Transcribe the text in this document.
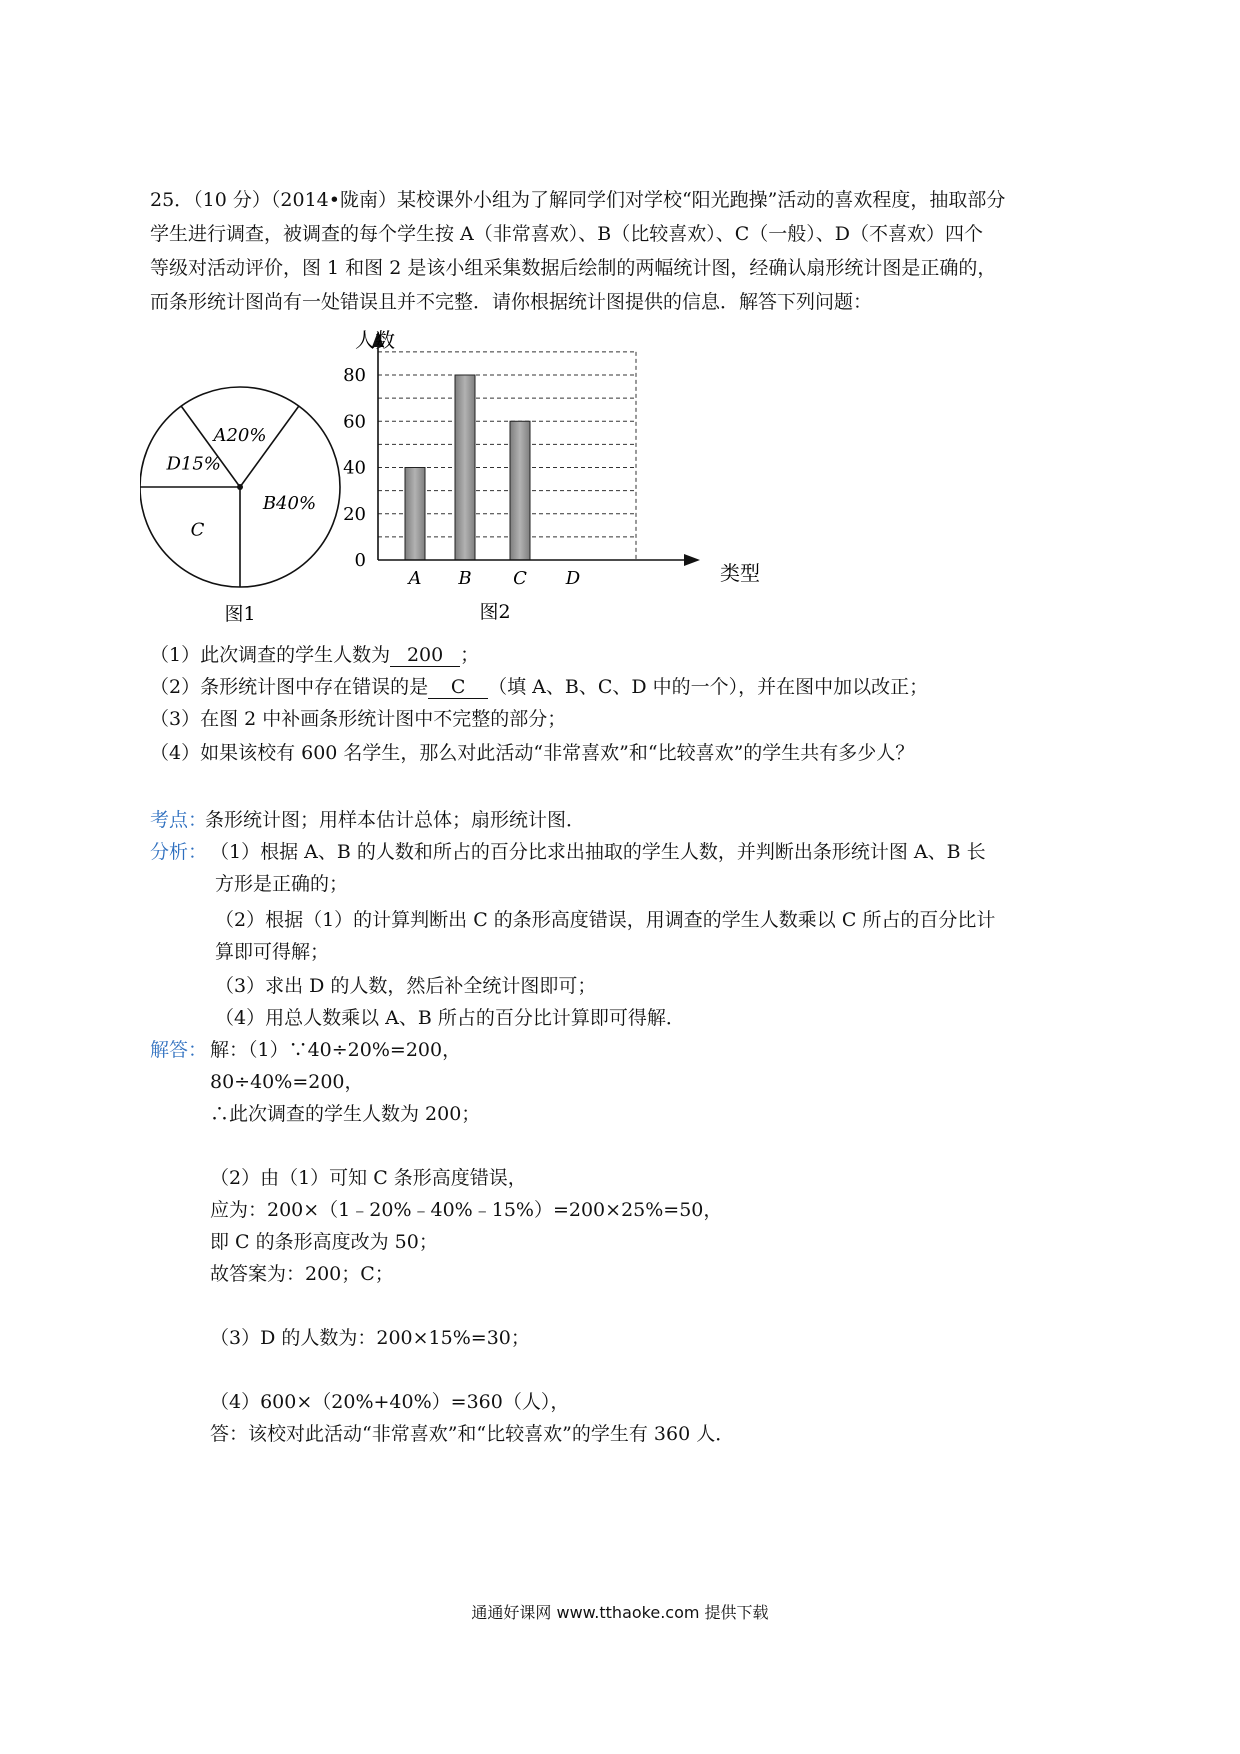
25．（10 分）（2014•陇南）某校课外小组为了解同学们对学校“阳光跑操”活动的喜欢程度，抽取部分
学生进行调查，被调查的每个学生按 A（非常喜欢）、B（比较喜欢）、C（一般）、D（不喜欢）四个
等级对活动评价，图 1 和图 2 是该小组采集数据后绘制的两幅统计图，经确认扇形统计图是正确的，
而条形统计图尚有一处错误且并不完整．请你根据统计图提供的信息．解答下列问题：
B40%
A20%
D15%
C
图1
0
20
40
60
80
A B C D
人数
类型
图2
（1）此次调查的学生人数为 200 ；
（2）条形统计图中存在错误的是 C （填 A、B、C、D 中的一个），并在图中加以改正；
（3）在图 2 中补画条形统计图中不完整的部分；
（4）如果该校有 600 名学生，那么对此活动“非常喜欢”和“比较喜欢”的学生共有多少人？
考点：
条形统计图；用样本估计总体；扇形统计图．
分析： （1）根据 A、B 的人数和所占的百分比求出抽取的学生人数，并判断出条形统计图 A、B 长
方形是正确的；
（2）根据（1）的计算判断出 C 的条形高度错误，用调查的学生人数乘以 C 所占的百分比计
算即可得解；
（3）求出 D 的人数，然后补全统计图即可；
（4）用总人数乘以 A、B 所占的百分比计算即可得解．
解答： 解：（1）∵40÷20%=200，
80÷40%=200，
∴此次调查的学生人数为 200；
（2）由（1）可知 C 条形高度错误，
应为：200×（1﹣20%﹣40%﹣15%）=200×25%=50，
即 C 的条形高度改为 50；
故答案为：200；C；
（3）D 的人数为：200×15%=30；
（4）600×（20%+40%）=360（人），
答：该校对此活动“非常喜欢”和“比较喜欢”的学生有 360 人．
通通好课网 www.tthaoke.com 提供下载
